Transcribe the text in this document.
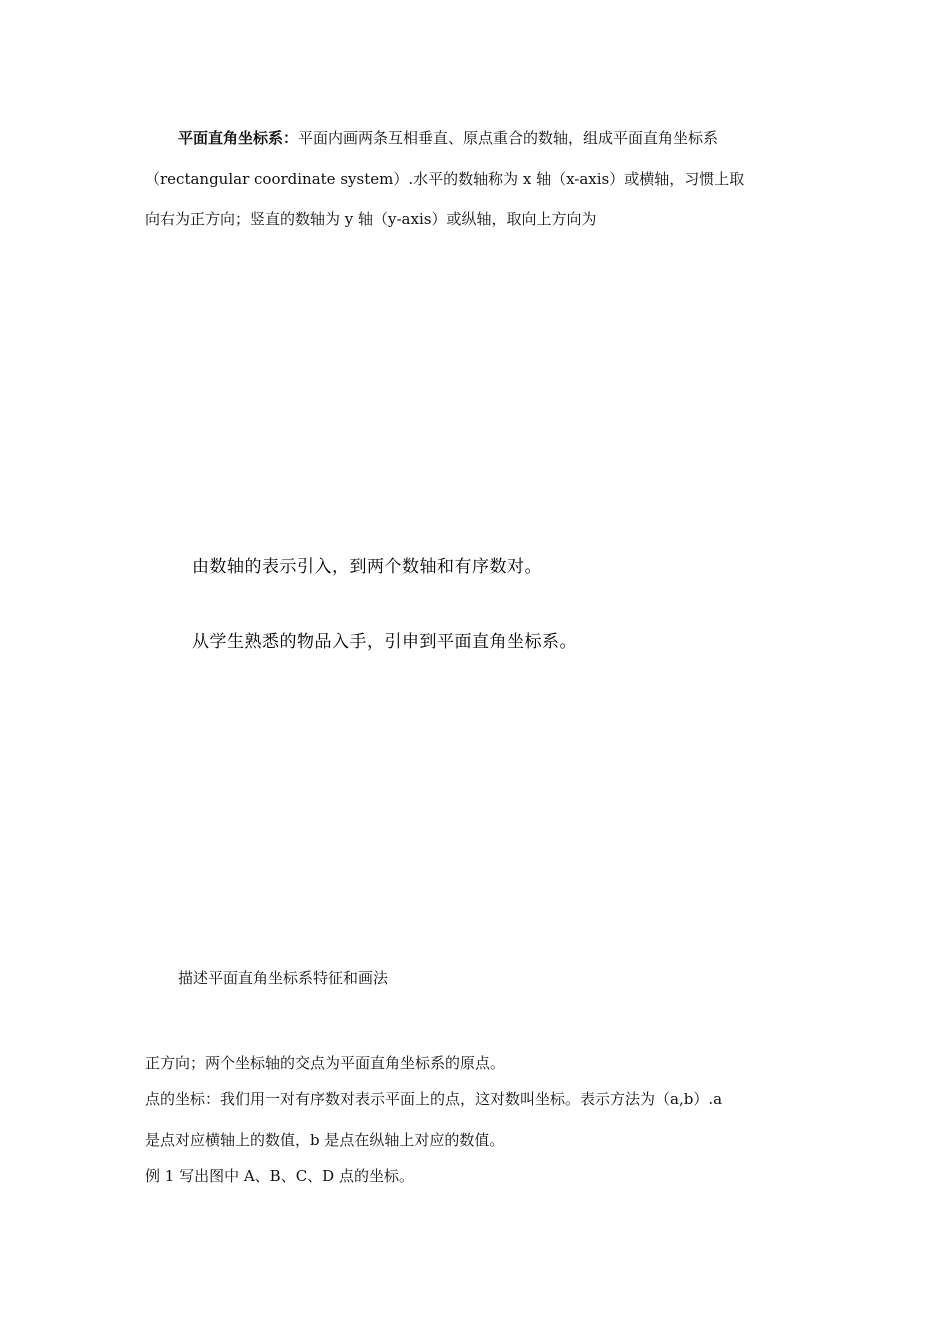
平面直角坐标系：平面内画两条互相垂直、原点重合的数轴，组成平面直角坐标系
（rectangular coordinate system）.水平的数轴称为 x 轴（x-axis）或横轴，习惯上取
向右为正方向；竖直的数轴为 y 轴（y-axis）或纵轴，取向上方向为
由数轴的表示引入，到两个数轴和有序数对。
从学生熟悉的物品入手，引申到平面直角坐标系。
描述平面直角坐标系特征和画法
正方向；两个坐标轴的交点为平面直角坐标系的原点。
点的坐标：我们用一对有序数对表示平面上的点，这对数叫坐标。表示方法为（a,b）.a
是点对应横轴上的数值，b 是点在纵轴上对应的数值。
例 1 写出图中 A、B、C、D 点的坐标。
